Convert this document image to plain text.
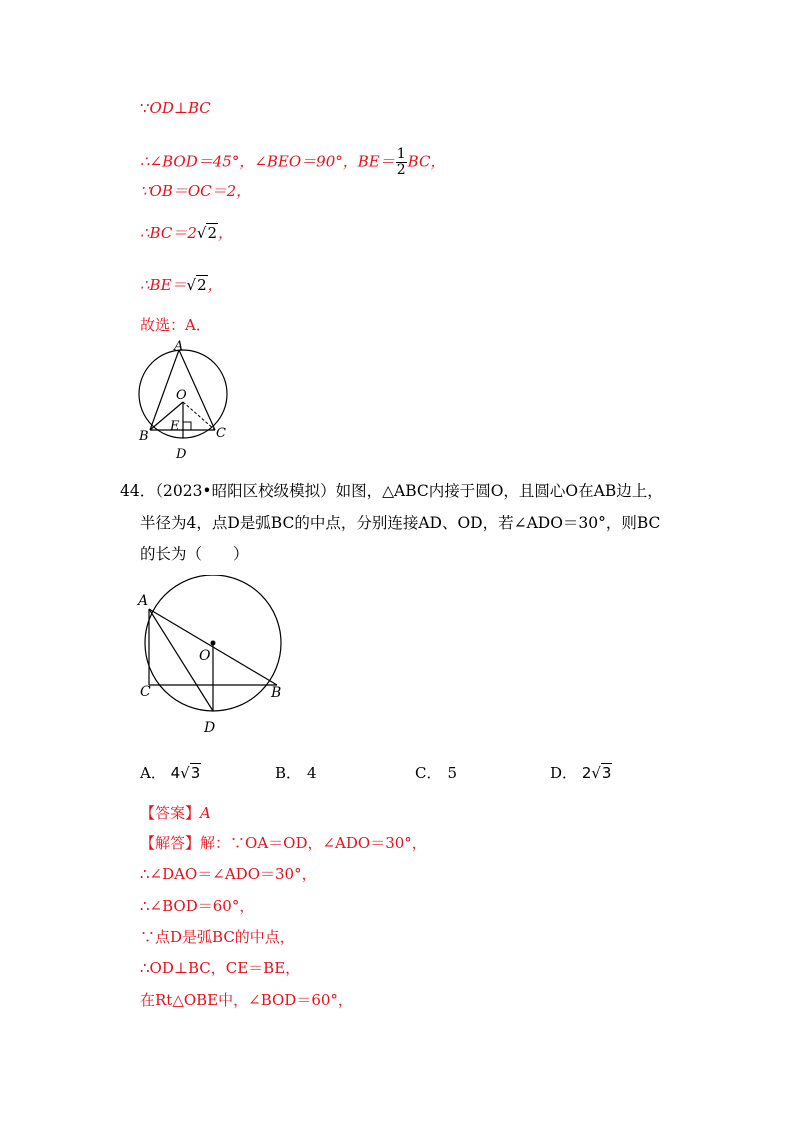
∵OD⊥BC
∴∠BOD＝45°，∠BEO＝90°，$BE= \frac{1}{2}$ BC，
∵OB＝OC＝2，
∴BC＝2√2，
∴BE＝√2，
故选：A．
A
O
B
E	C
D
44．（2023•昭阳区校级模拟）如图，△ABC内接于圆O，且圆心O在AB边上，
半径为4，点D是弧BC的中点，分别连接AD、OD，若∠ADO＝30°，则BC
的长为（　　）
A
O
C	B
D
A． 4√3	B． 4	C． 5	D． 2√3
【答案】A
【解答】解：∵OA＝OD，∠ADO＝30°，
∴∠DAO＝∠ADO＝30°，
∴∠BOD＝60°，
∵点D是弧BC的中点，
∴OD⊥BC，CE＝BE，
在Rt△OBE中，∠BOD＝60°，
